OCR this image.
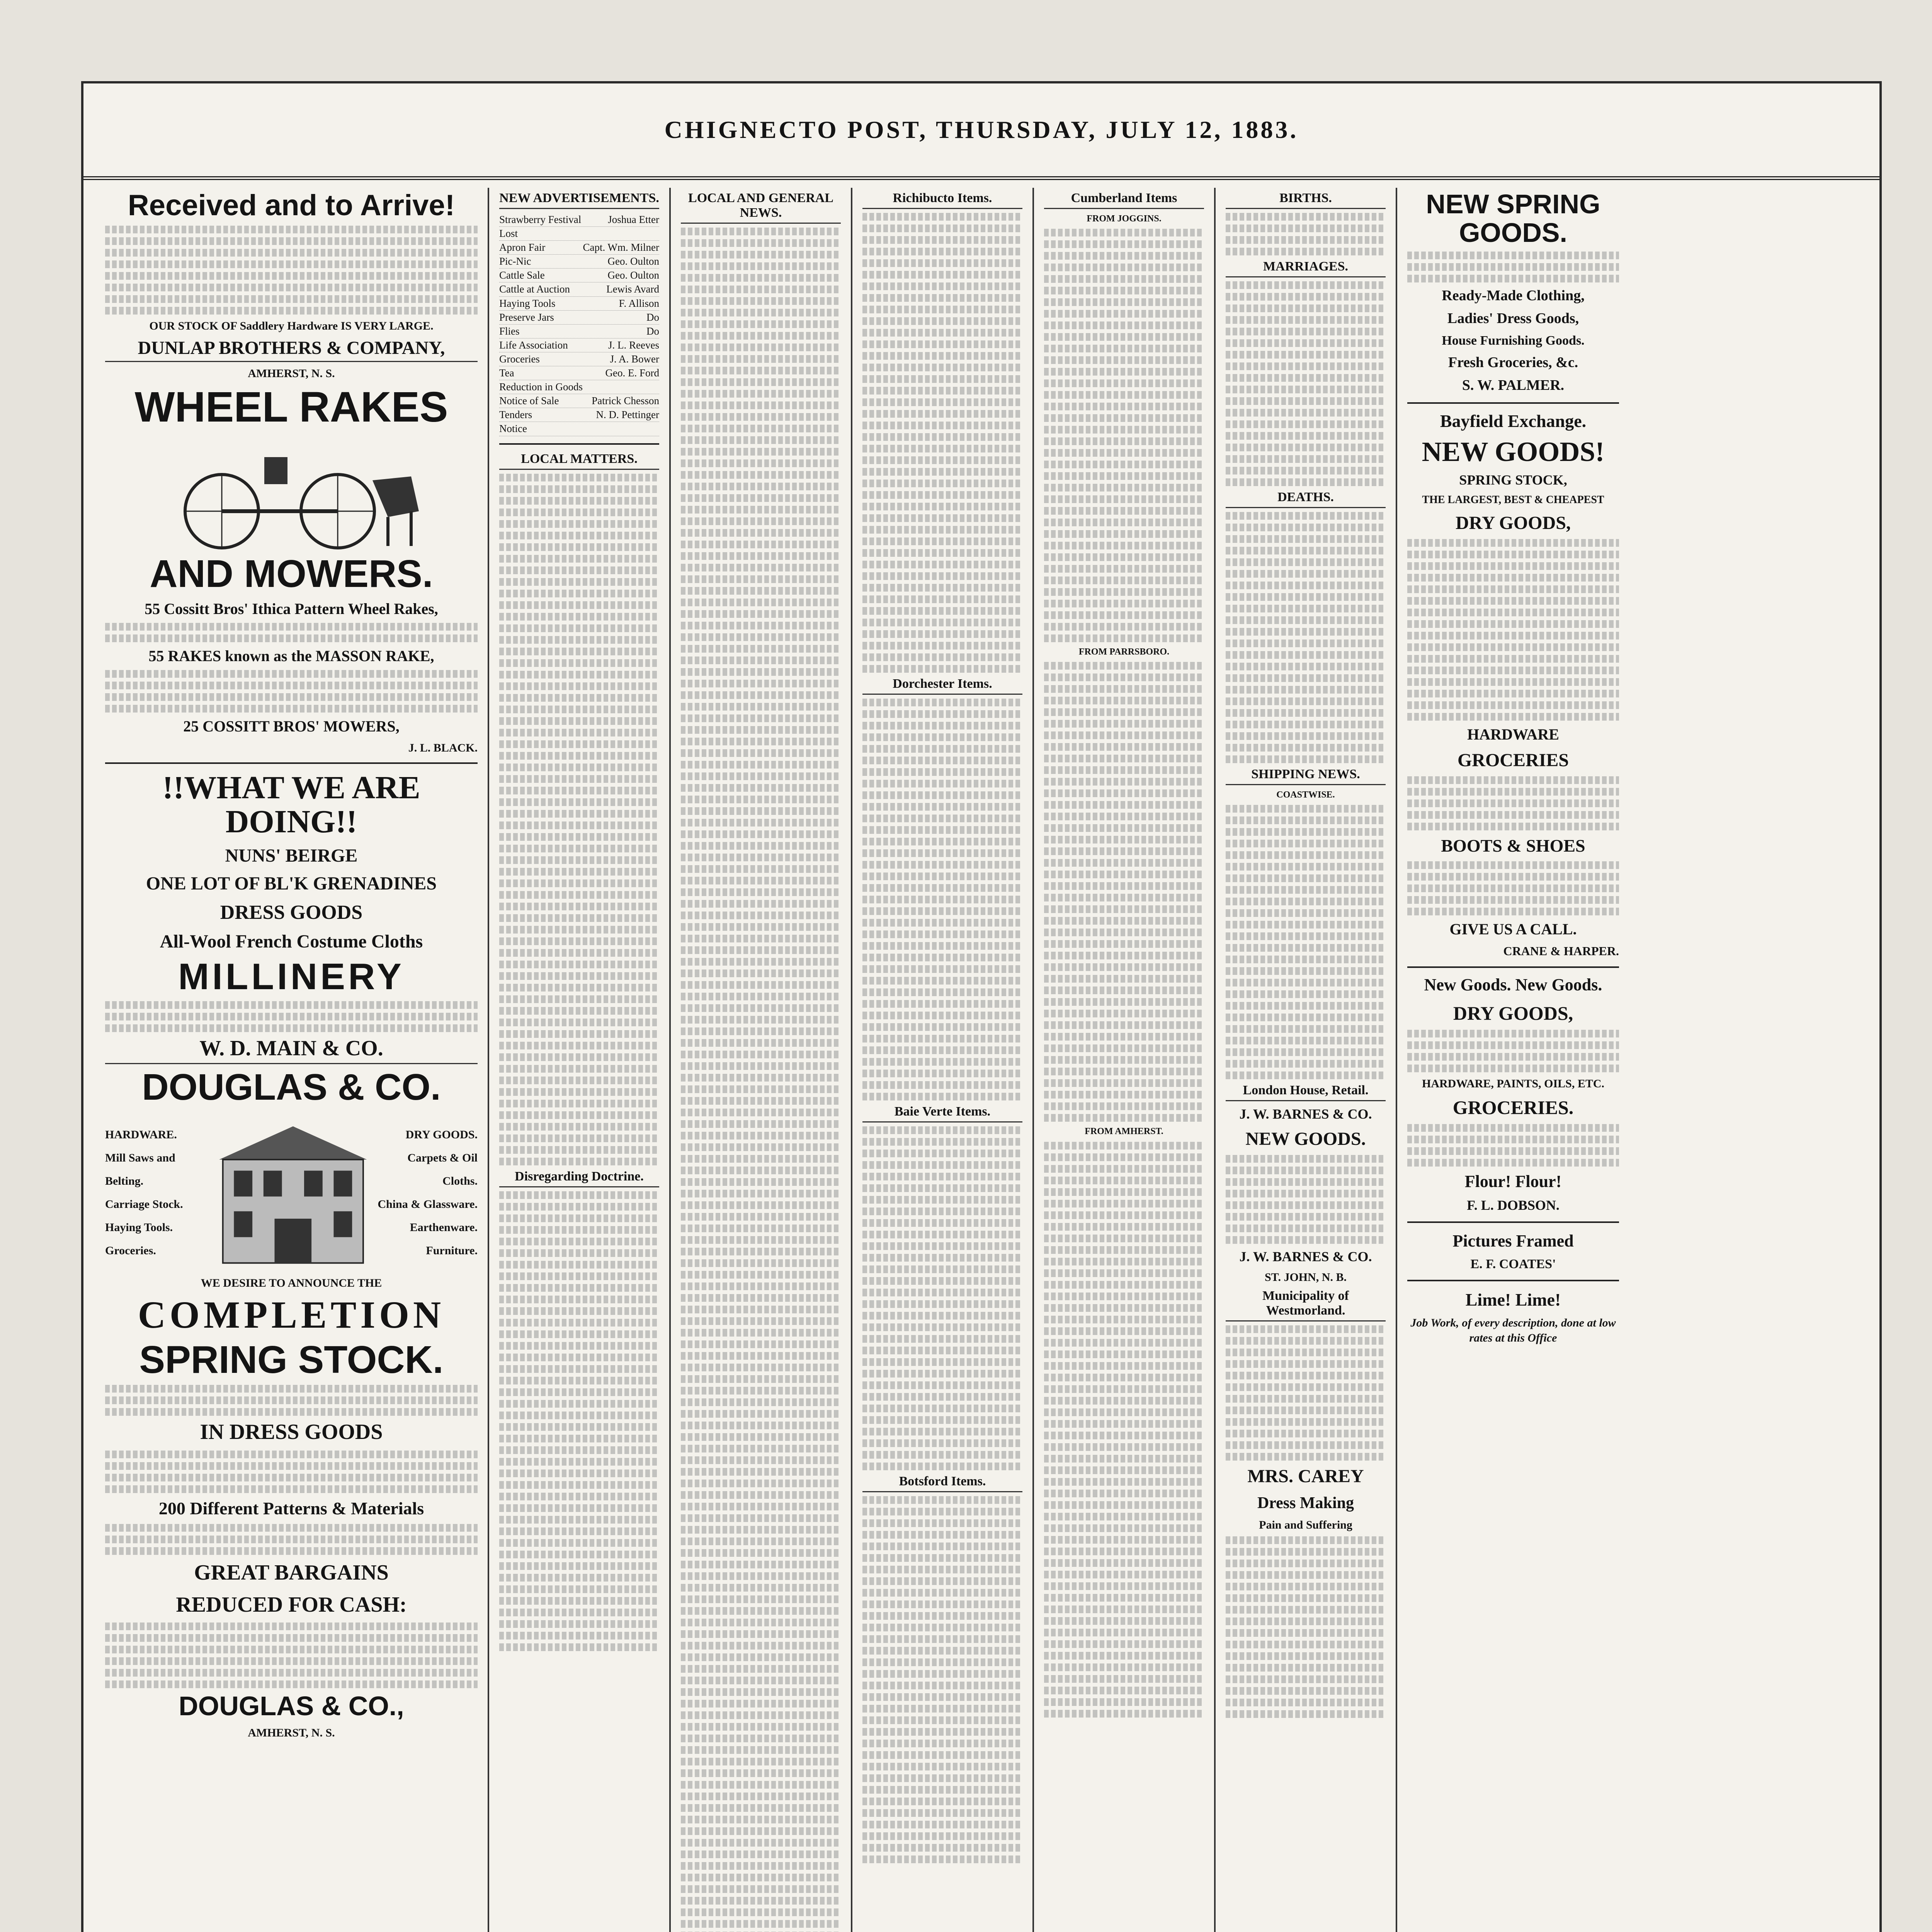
CHIGNECTO POST, THURSDAY, JULY 12, 1883.
Received and to Arrive!

OUR STOCK OF Saddlery Hardware IS VERY LARGE.

DUNLAP BROTHERS & COMPANY,

AMHERST, N. S.

WHEEL RAKES
AND MOWERS.

55 Cossitt Bros' Ithica Pattern Wheel Rakes,

55 RAKES known as the MASSON RAKE,

25 COSSITT BROS' MOWERS,

J. L. BLACK.

!!WHAT WE ARE DOING!!

NUNS' BEIRGE

ONE LOT OF BL'K GRENADINES

DRESS GOODS

All-Wool French Costume Cloths

MILLINERY
W. D. MAIN & CO.
DOUGLAS & CO.
HARDWARE.
Mill Saws and Belting.
Carriage Stock.
Haying Tools.
Groceries.
DRY GOODS.
Carpets & Oil Cloths.
China & Glassware.
Earthenware.
Furniture.

WE DESIRE TO ANNOUNCE THE

COMPLETION
SPRING STOCK.
IN DRESS GOODS

200 Different Patterns & Materials

GREAT BARGAINS

REDUCED FOR CASH:

DOUGLAS & CO.,

AMHERST, N. S.

NEW ADVERTISEMENTS.
Strawberry Festival	Joshua Etter
Lost
Apron Fair	Capt. Wm. Milner
Pic-Nic	Geo. Oulton
Cattle Sale	Geo. Oulton
Cattle at Auction	Lewis Avard
Haying Tools	F. Allison
Preserve Jars	Do
Flies	Do
Life Association	J. L. Reeves
Groceries	J. A. Bower
Tea	Geo. E. Ford
Reduction in Goods
Notice of Sale	Patrick Chesson
Tenders	N. D. Pettinger
Notice
LOCAL MATTERS.
Disregarding Doctrine.
LOCAL AND GENERAL NEWS.
Richibucto Items.
Dorchester Items.
Baie Verte Items.
Botsford Items.
Cumberland Items

FROM JOGGINS.

FROM PARRSBORO.

FROM AMHERST.

BIRTHS.
MARRIAGES.
DEATHS.
SHIPPING NEWS.

COASTWISE.

London House, Retail.

J. W. BARNES & CO.

NEW GOODS.

J. W. BARNES & CO.

ST. JOHN, N. B.

Municipality of Westmorland.

MRS. CAREY

Dress Making

Pain and Suffering

NEW SPRING GOODS.

Ready-Made Clothing,

Ladies' Dress Goods,

House Furnishing Goods.

Fresh Groceries, &c.

S. W. PALMER.

Bayfield Exchange.
NEW GOODS!

SPRING STOCK,

THE LARGEST, BEST & CHEAPEST

DRY GOODS,

HARDWARE

GROCERIES

BOOTS & SHOES

GIVE US A CALL.

CRANE & HARPER.

New Goods. New Goods.

DRY GOODS,

HARDWARE, PAINTS, OILS, ETC.

GROCERIES.

Flour! Flour!

F. L. DOBSON.

Pictures Framed

E. F. COATES'

Lime! Lime!

Job Work, of every description, done at low rates at this Office
